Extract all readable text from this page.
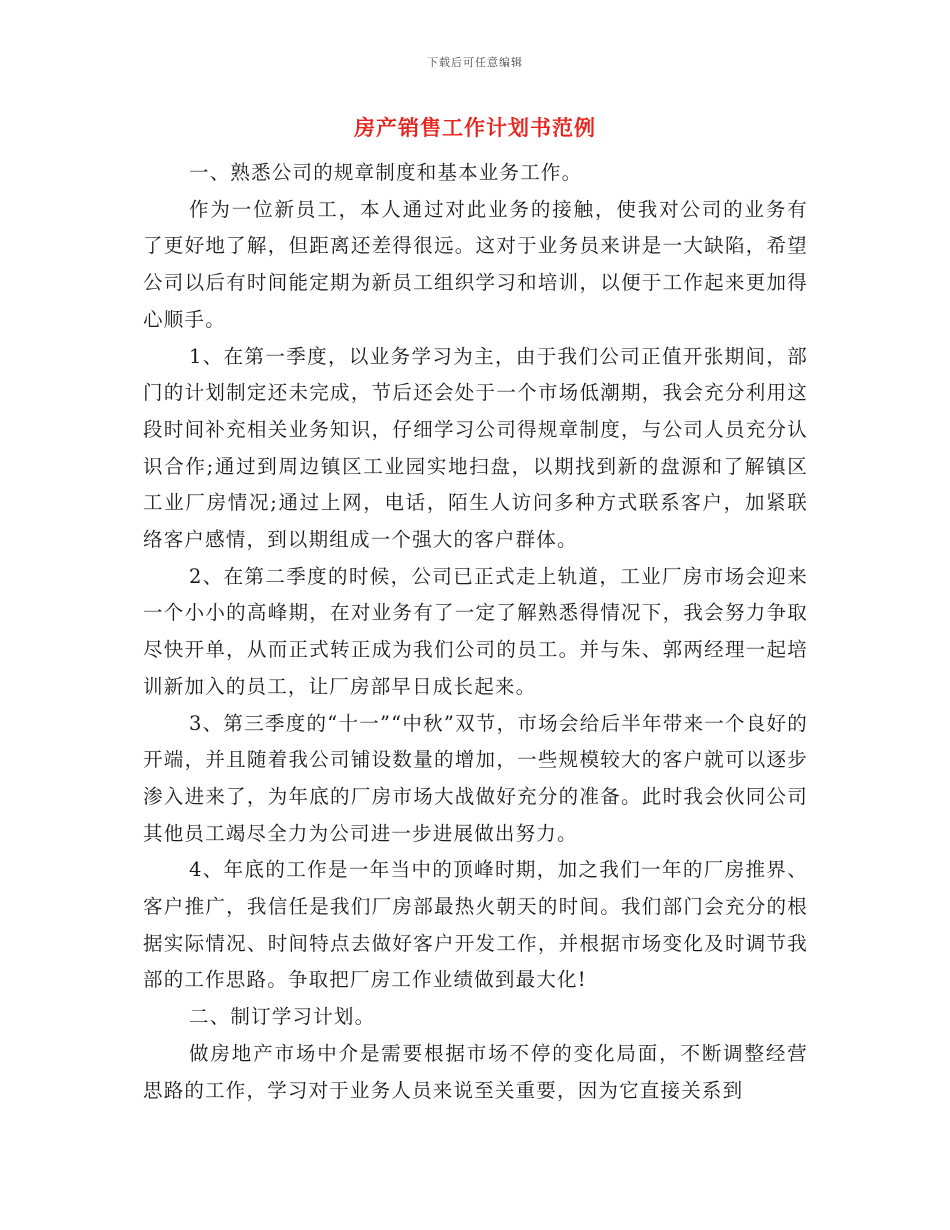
下载后可任意编辑
房产销售工作计划书范例

一、熟悉公司的规章制度和基本业务工作。

作为一位新员工，本人通过对此业务的接触，使我对公司的业务有了更好地了解，但距离还差得很远。这对于业务员来讲是一大缺陷，希望公司以后有时间能定期为新员工组织学习和培训，以便于工作起来更加得心顺手。

1、在第一季度，以业务学习为主，由于我们公司正值开张期间，部门的计划制定还未完成，节后还会处于一个市场低潮期，我会充分利用这段时间补充相关业务知识，仔细学习公司得规章制度，与公司人员充分认识合作;通过到周边镇区工业园实地扫盘，以期找到新的盘源和了解镇区工业厂房情况;通过上网，电话，陌生人访问多种方式联系客户，加紧联络客户感情，到以期组成一个强大的客户群体。

2、在第二季度的时候，公司已正式走上轨道，工业厂房市场会迎来一个小小的高峰期，在对业务有了一定了解熟悉得情况下，我会努力争取尽快开单，从而正式转正成为我们公司的员工。并与朱、郭两经理一起培训新加入的员工，让厂房部早日成长起来。

3、第三季度的“十一”“中秋”双节，市场会给后半年带来一个良好的开端，并且随着我公司铺设数量的增加，一些规模较大的客户就可以逐步渗入进来了，为年底的厂房市场大战做好充分的准备。此时我会伙同公司其他员工竭尽全力为公司进一步进展做出努力。

4、年底的工作是一年当中的顶峰时期，加之我们一年的厂房推界、客户推广，我信任是我们厂房部最热火朝天的时间。我们部门会充分的根据实际情况、时间特点去做好客户开发工作，并根据市场变化及时调节我部的工作思路。争取把厂房工作业绩做到最大化!

二、制订学习计划。

做房地产市场中介是需要根据市场不停的变化局面，不断调整经营思路的工作，学习对于业务人员来说至关重要，因为它直接关系到
